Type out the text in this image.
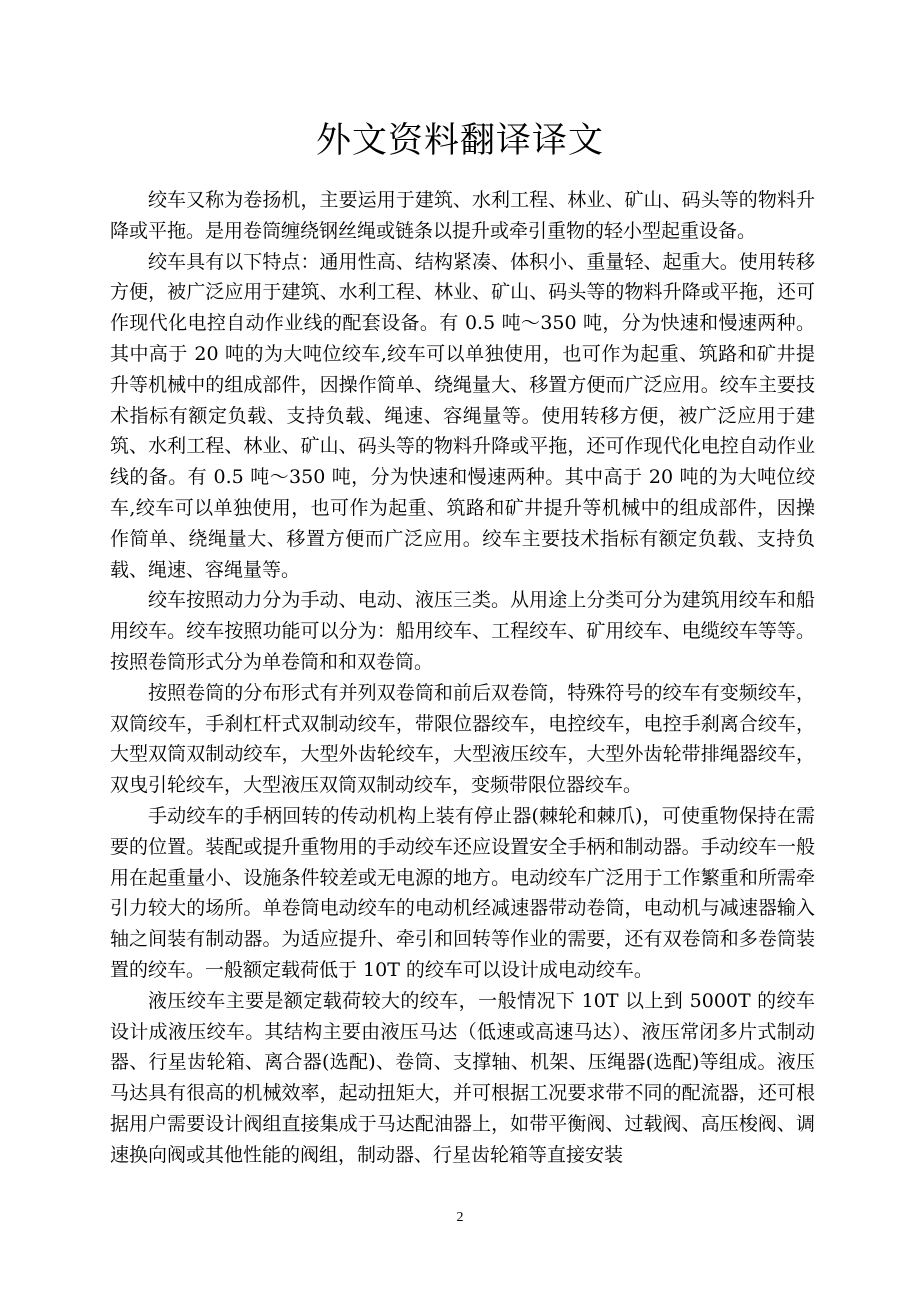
外文资料翻译译文

绞车又称为卷扬机，主要运用于建筑、水利工程、林业、矿山、码头等的物料升降或平拖。是用卷筒缠绕钢丝绳或链条以提升或牵引重物的轻小型起重设备。

绞车具有以下特点：通用性高、结构紧凑、体积小、重量轻、起重大。使用转移方便，被广泛应用于建筑、水利工程、林业、矿山、码头等的物料升降或平拖，还可作现代化电控自动作业线的配套设备。有 0.5 吨～350 吨，分为快速和慢速两种。其中高于 20 吨的为大吨位绞车,绞车可以单独使用，也可作为起重、筑路和矿井提升等机械中的组成部件，因操作简单、绕绳量大、移置方便而广泛应用。绞车主要技术指标有额定负载、支持负载、绳速、容绳量等。使用转移方便，被广泛应用于建筑、水利工程、林业、矿山、码头等的物料升降或平拖，还可作现代化电控自动作业线的备。有 0.5 吨～350 吨，分为快速和慢速两种。其中高于 20 吨的为大吨位绞车,绞车可以单独使用，也可作为起重、筑路和矿井提升等机械中的组成部件，因操作简单、绕绳量大、移置方便而广泛应用。绞车主要技术指标有额定负载、支持负载、绳速、容绳量等。

绞车按照动力分为手动、电动、液压三类。从用途上分类可分为建筑用绞车和船用绞车。绞车按照功能可以分为：船用绞车、工程绞车、矿用绞车、电缆绞车等等。按照卷筒形式分为单卷筒和和双卷筒。

按照卷筒的分布形式有并列双卷筒和前后双卷筒，特殊符号的绞车有变频绞车，双筒绞车，手刹杠杆式双制动绞车，带限位器绞车，电控绞车，电控手刹离合绞车，大型双筒双制动绞车，大型外齿轮绞车，大型液压绞车，大型外齿轮带排绳器绞车，双曳引轮绞车，大型液压双筒双制动绞车，变频带限位器绞车。

手动绞车的手柄回转的传动机构上装有停止器(棘轮和棘爪)，可使重物保持在需要的位置。装配或提升重物用的手动绞车还应设置安全手柄和制动器。手动绞车一般用在起重量小、设施条件较差或无电源的地方。电动绞车广泛用于工作繁重和所需牵引力较大的场所。单卷筒电动绞车的电动机经减速器带动卷筒，电动机与减速器输入轴之间装有制动器。为适应提升、牵引和回转等作业的需要，还有双卷筒和多卷筒装置的绞车。一般额定载荷低于 10T 的绞车可以设计成电动绞车。

液压绞车主要是额定载荷较大的绞车，一般情况下 10T 以上到 5000T 的绞车设计成液压绞车。其结构主要由液压马达（低速或高速马达）、液压常闭多片式制动器、行星齿轮箱、离合器(选配)、卷筒、支撑轴、机架、压绳器(选配)等组成。液压马达具有很高的机械效率，起动扭矩大，并可根据工况要求带不同的配流器，还可根据用户需要设计阀组直接集成于马达配油器上，如带平衡阀、过载阀、高压梭阀、调速换向阀或其他性能的阀组，制动器、行星齿轮箱等直接安装

2
